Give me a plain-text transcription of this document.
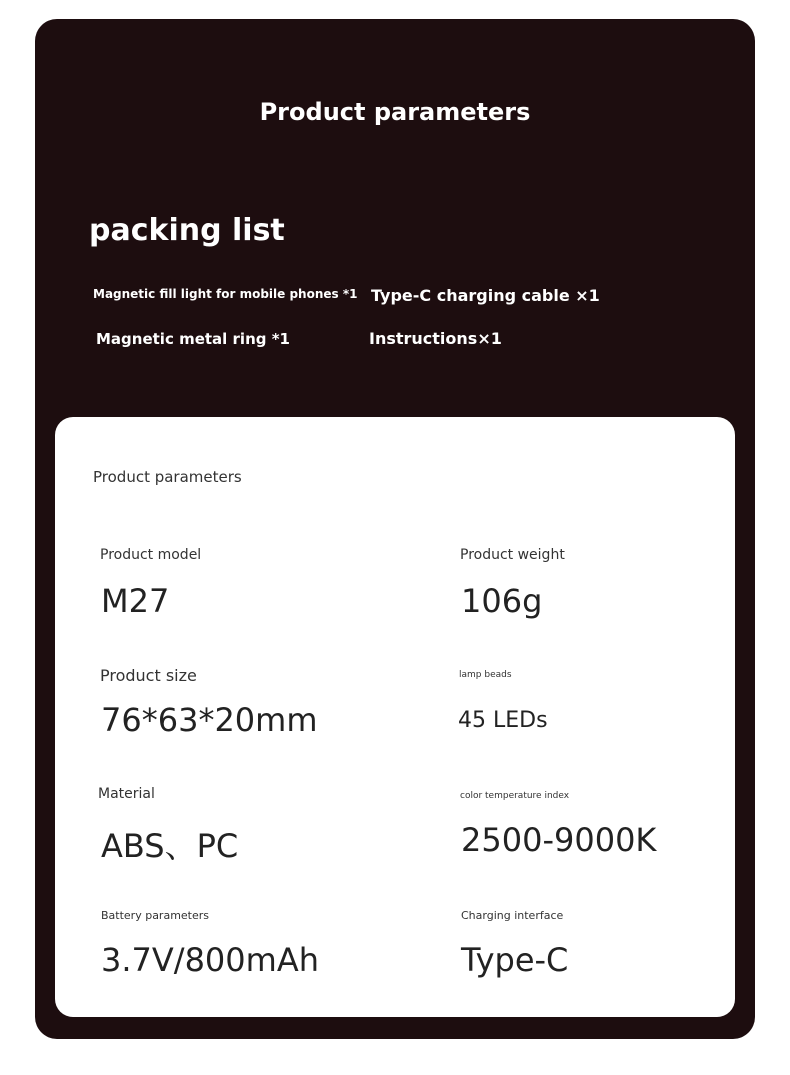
Product parameters
packing list
Magnetic fill light for mobile phones *1 Type-C charging cable ×1
Magnetic metal ring *1	Instructions×1
Product parameters
Product model
M27
Product weight
106g
Product size
76*63*20mm
lamp beads
45 LEDs
Material
ABS、PC
color temperature index
2500-9000K
Battery parameters
3.7V/800mAh
Charging interface
Type-C
